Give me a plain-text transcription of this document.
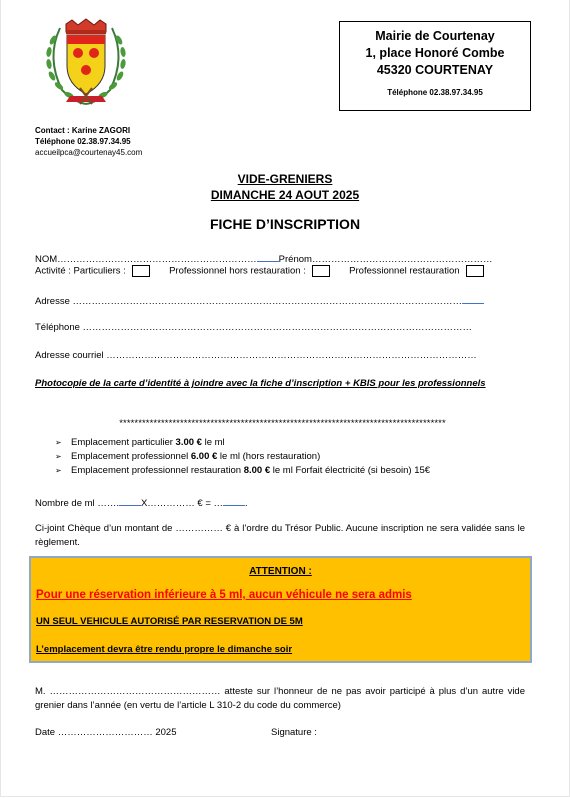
Mairie de Courtenay
1, place Honoré Combe
45320 COURTENAY
Téléphone 02.38.97.34.95
Contact : Karine ZAGORI
Téléphone 02.38.97.34.95
accueilpca@courtenay45.com
VIDE-GRENIERS
DIMANCHE 24 AOUT 2025
FICHE D’INSCRIPTION
NOM……………………………………………………… Prénom…………………………………………………
Activité : Particuliers :	Professionnel hors restauration :	Professionnel restauration
Adresse ……………………………………………………………………………………………………………
Téléphone ……………………………………………………………………………………………………………
Adresse courriel ………………………………………………………………………………………………………
Photocopie de la carte d’identité à joindre avec la fiche d’inscription + KBIS pour les professionnels
**************************************************************************************
➢ Emplacement particulier 3.00 € le ml
➢ Emplacement professionnel 6.00 € le ml (hors restauration)
➢ Emplacement professionnel restauration 8.00 € le ml Forfait électricité (si besoin) 15€
Nombre de ml ……. X…………… € = … .
Ci-joint Chèque d’un montant de …………… € à l’ordre du Trésor Public. Aucune inscription ne sera validée sans le règlement.
ATTENTION :
Pour une réservation inférieure à 5 ml, aucun véhicule ne sera admis
UN SEUL VEHICULE AUTORISÉ PAR RESERVATION DE 5M
L’emplacement devra être rendu propre le dimanche soir
M. ……………………………………………… atteste sur l’honneur de ne pas avoir participé à plus d’un autre vide grenier dans l’année (en vertu de l’article L 310-2 du code du commerce)
Date ………………………… 2025	Signature :
